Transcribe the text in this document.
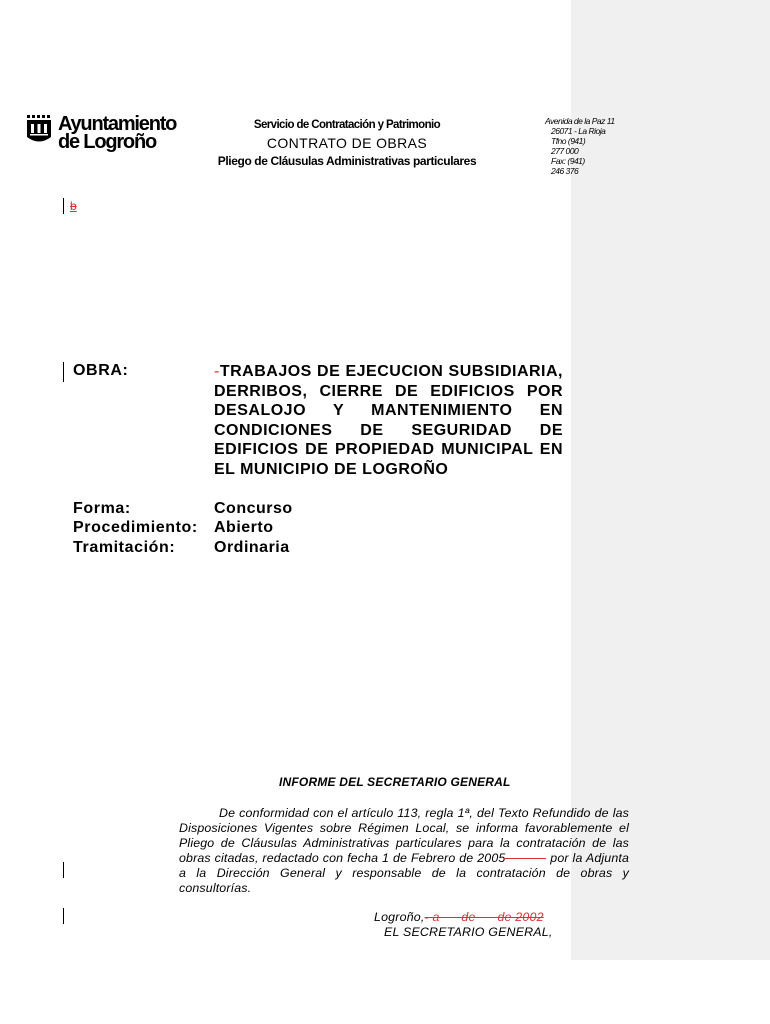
Ayuntamiento
de Logroño
Servicio de Contratación y Patrimonio
CONTRATO DE OBRAS
Pliego de Cláusulas Administrativas particulares
Avenida de la Paz 11
26071 - La Rioja
Tfno (941)
277 000
Fax: (941)
246 376
b
OBRA:	-TRABAJOS DE EJECUCION SUBSIDIARIA, DERRIBOS, CIERRE DE EDIFICIOS POR DESALOJO Y MANTENIMIENTO EN CONDICIONES DE SEGURIDAD DE EDIFICIOS DE PROPIEDAD MUNICIPAL EN EL MUNICIPIO DE LOGROÑO
Forma:	Concurso
Procedimiento: Abierto
Tramitación: Ordinaria
INFORME DEL SECRETARIO GENERAL
De conformidad con el artículo 113, regla 1ª, del Texto Refundido de las Disposiciones Vigentes sobre Régimen Local, se informa favorablemente el Pliego de Cláusulas Administrativas particulares para la contratación de las obras citadas, redactado con fecha 1 de Febrero de 2005	por la Adjunta a la Dirección General y responsable de la contratación de obras y consultorías.
Logroño,- a      de      de 2002
EL SECRETARIO GENERAL,
